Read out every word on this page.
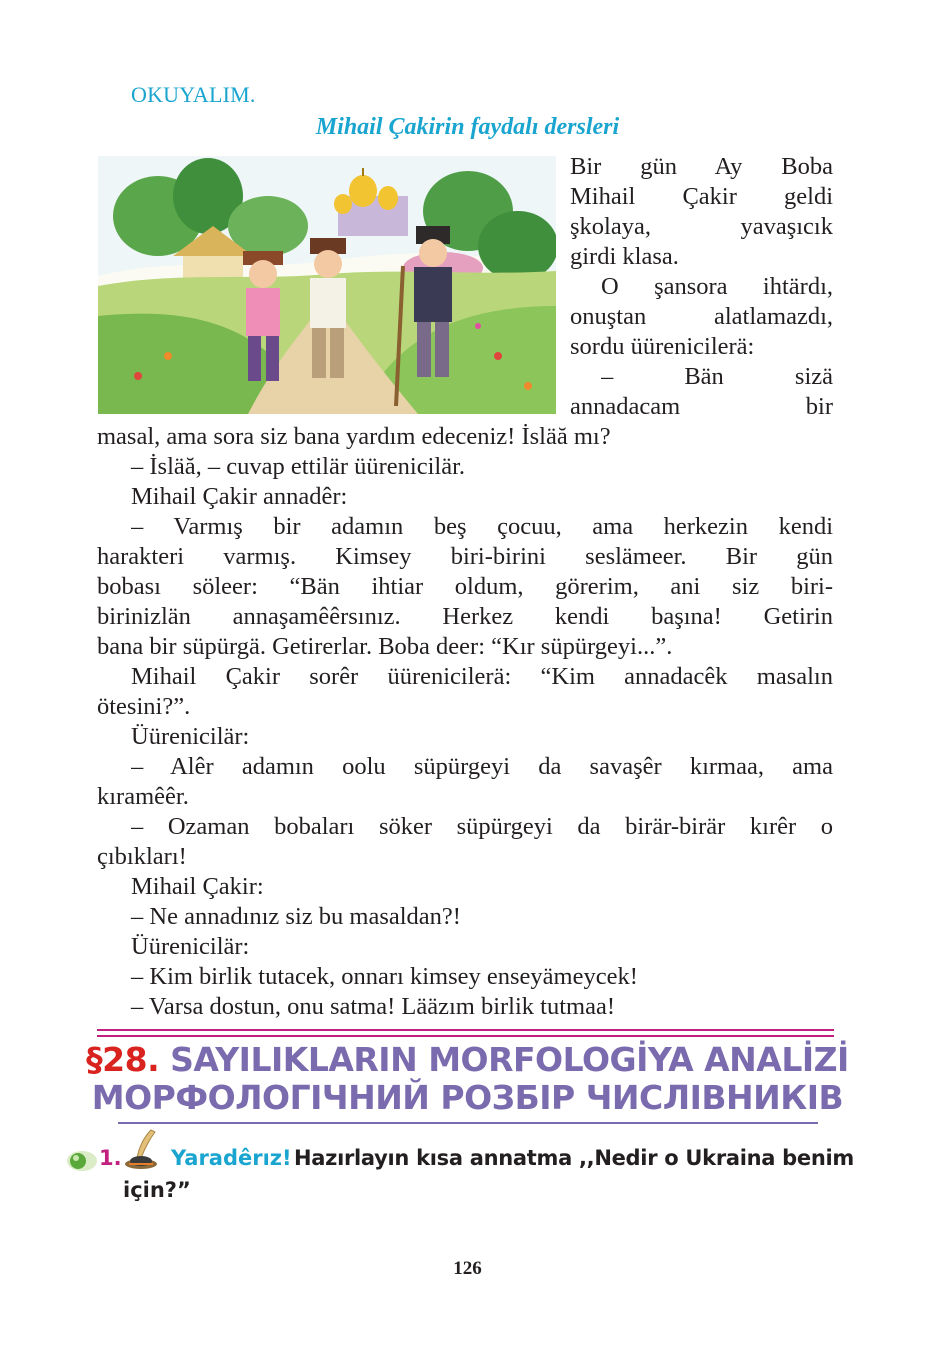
OKUYALIM.
Mihail Çakirin faydalı dersleri
Bir gün Ay Boba
Mihail Çakir geldi
şkolaya, yavaşıcık
girdi klasa.
O şansora ihtärdı,
onuştan alatlamazdı,
sordu üürenicilerä:
– Bän sizä
annadacam bir
masal, ama sora siz bana yardım edeceniz! İsläă mı?
– İsläă, – cuvap ettilär üürenicilär.
Mihail Çakir annadêr:
– Varmış bir adamın beş çocuu, ama herkezin kendi
harakteri varmış. Kimsey biri-birini seslämeer. Bir gün
bobası söleer: “Bän ihtiar oldum, görerim, ani siz biri-
birinizlän annaşamêêrsınız. Herkez kendi başına! Getirin
bana bir süpürgä. Getirerlar. Boba deer: “Kır süpürgeyi...”.
Mihail Çakir sorêr üürenicilerä: “Kim annadacêk masalın
ötesini?”.
Üürenicilär:
– Alêr adamın oolu süpürgeyi da savaşêr kırmaa, ama
kıramêêr.
– Ozaman bobaları söker süpürgeyi da birär-birär kırêr o
çıbıkları!
Mihail Çakir:
– Ne annadınız siz bu masaldan?!
Üürenicilär:
– Kim birlik tutacek, onnarı kimsey enseyämeycek!
– Varsa dostun, onu satma! Lääzım birlik tutmaa!
§28. SAYILIKLARIN MORFOLOGİYA ANALİZİ
МОРФОЛОГІЧНИЙ РОЗБІР ЧИСЛІВНИКІВ
1. Yaradêrız! Hazırlayın kısa annatma ,,Nedir o Ukraina benim
için?”
126
